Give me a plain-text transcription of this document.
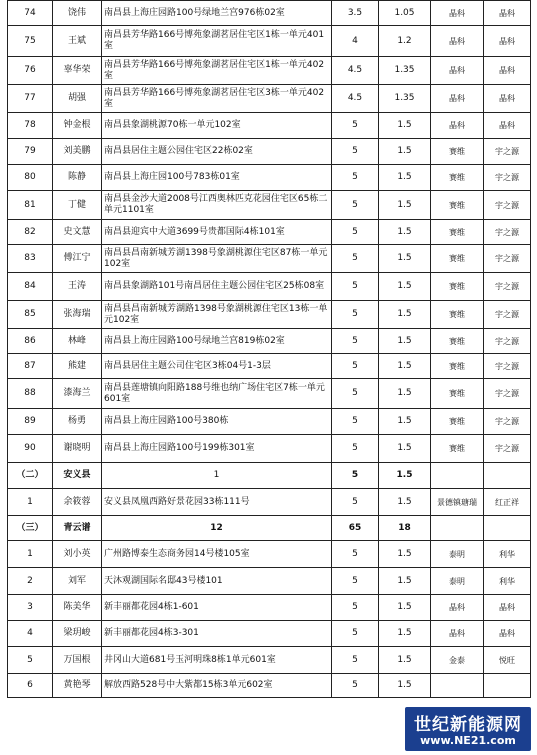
74	饶伟	南昌县上海庄园路100号绿地兰宫976栋02室	3.5	1.05	晶科	晶科
75	王斌	南昌县芳华路166号博苑象湖茗居住宅区1栋一单元401室	4	1.2	晶科	晶科
76	辜华荣	南昌县芳华路166号博苑象湖茗居住宅区1栋一单元402室	4.5	1.35	晶科	晶科
77	胡强	南昌县芳华路166号博苑象湖茗居住宅区3栋一单元402室	4.5	1.35	晶科	晶科
78	钟金根	南昌县象湖桃源70栋一单元102室	5	1.5	晶科	晶科
79	刘美鹏	南昌县居住主题公园住宅区22栋02室	5	1.5	赛维	宇之源
80	陈静	南昌县上海庄园100号783栋01室	5	1.5	赛维	宇之源
81	丁健	南昌县金沙大道2008号江西奥林匹克花园住宅区65栋二单元1101室	5	1.5	赛维	宇之源
82	史文慧	南昌县迎宾中大道3699号贵都国际4栋101室	5	1.5	赛维	宇之源
83	傅江宁	南昌县昌南新城芳湖1398号象湖桃源住宅区87栋一单元102室	5	1.5	赛维	宇之源
84	王涛	南昌县象湖路101号南昌居住主题公园住宅区25栋08室	5	1.5	赛维	宇之源
85	张海瑞	南昌县昌南新城芳湖路1398号象湖桃源住宅区13栋一单元102室	5	1.5	赛维	宇之源
86	林峰	南昌县上海庄园路100号绿地兰宫819栋02室	5	1.5	赛维	宇之源
87	熊建	南昌县居住主题公司住宅区3栋04号1-3层	5	1.5	赛维	宇之源
88	漆海兰	南昌县莲塘镇向阳路188号维也纳广场住宅区7栋一单元601室	5	1.5	赛维	宇之源
89	杨勇	南昌县上海庄园路100号380栋	5	1.5	赛维	宇之源
90	谢晓明	南昌县上海庄园路100号199栋301室	5	1.5	赛维	宇之源
（二）	安义县	1	5	1.5		
1	余筱蓉	安义县凤凰西路好景花园33栋111号	5	1.5	景德镇瑭瑞	红正祥
（三）	青云谱	12	65	18		
1	刘小英	广州路博泰生态商务园14号楼105室	5	1.5	泰明	利华
2	刘军	天沐观湖国际名邸43号楼101	5	1.5	泰明	利华
3	陈美华	新丰丽都花园4栋1-601	5	1.5	晶科	晶科
4	梁玥峻	新丰丽都花园4栋3-301	5	1.5	晶科	晶科
5	万国根	井冈山大道681号玉河明珠8栋1单元601室	5	1.5	金泰	悦旺
6	黄艳琴	解放西路528号中大紫都15栋3单元602室	5	1.5		
世纪新能源网
www.NE21.com
